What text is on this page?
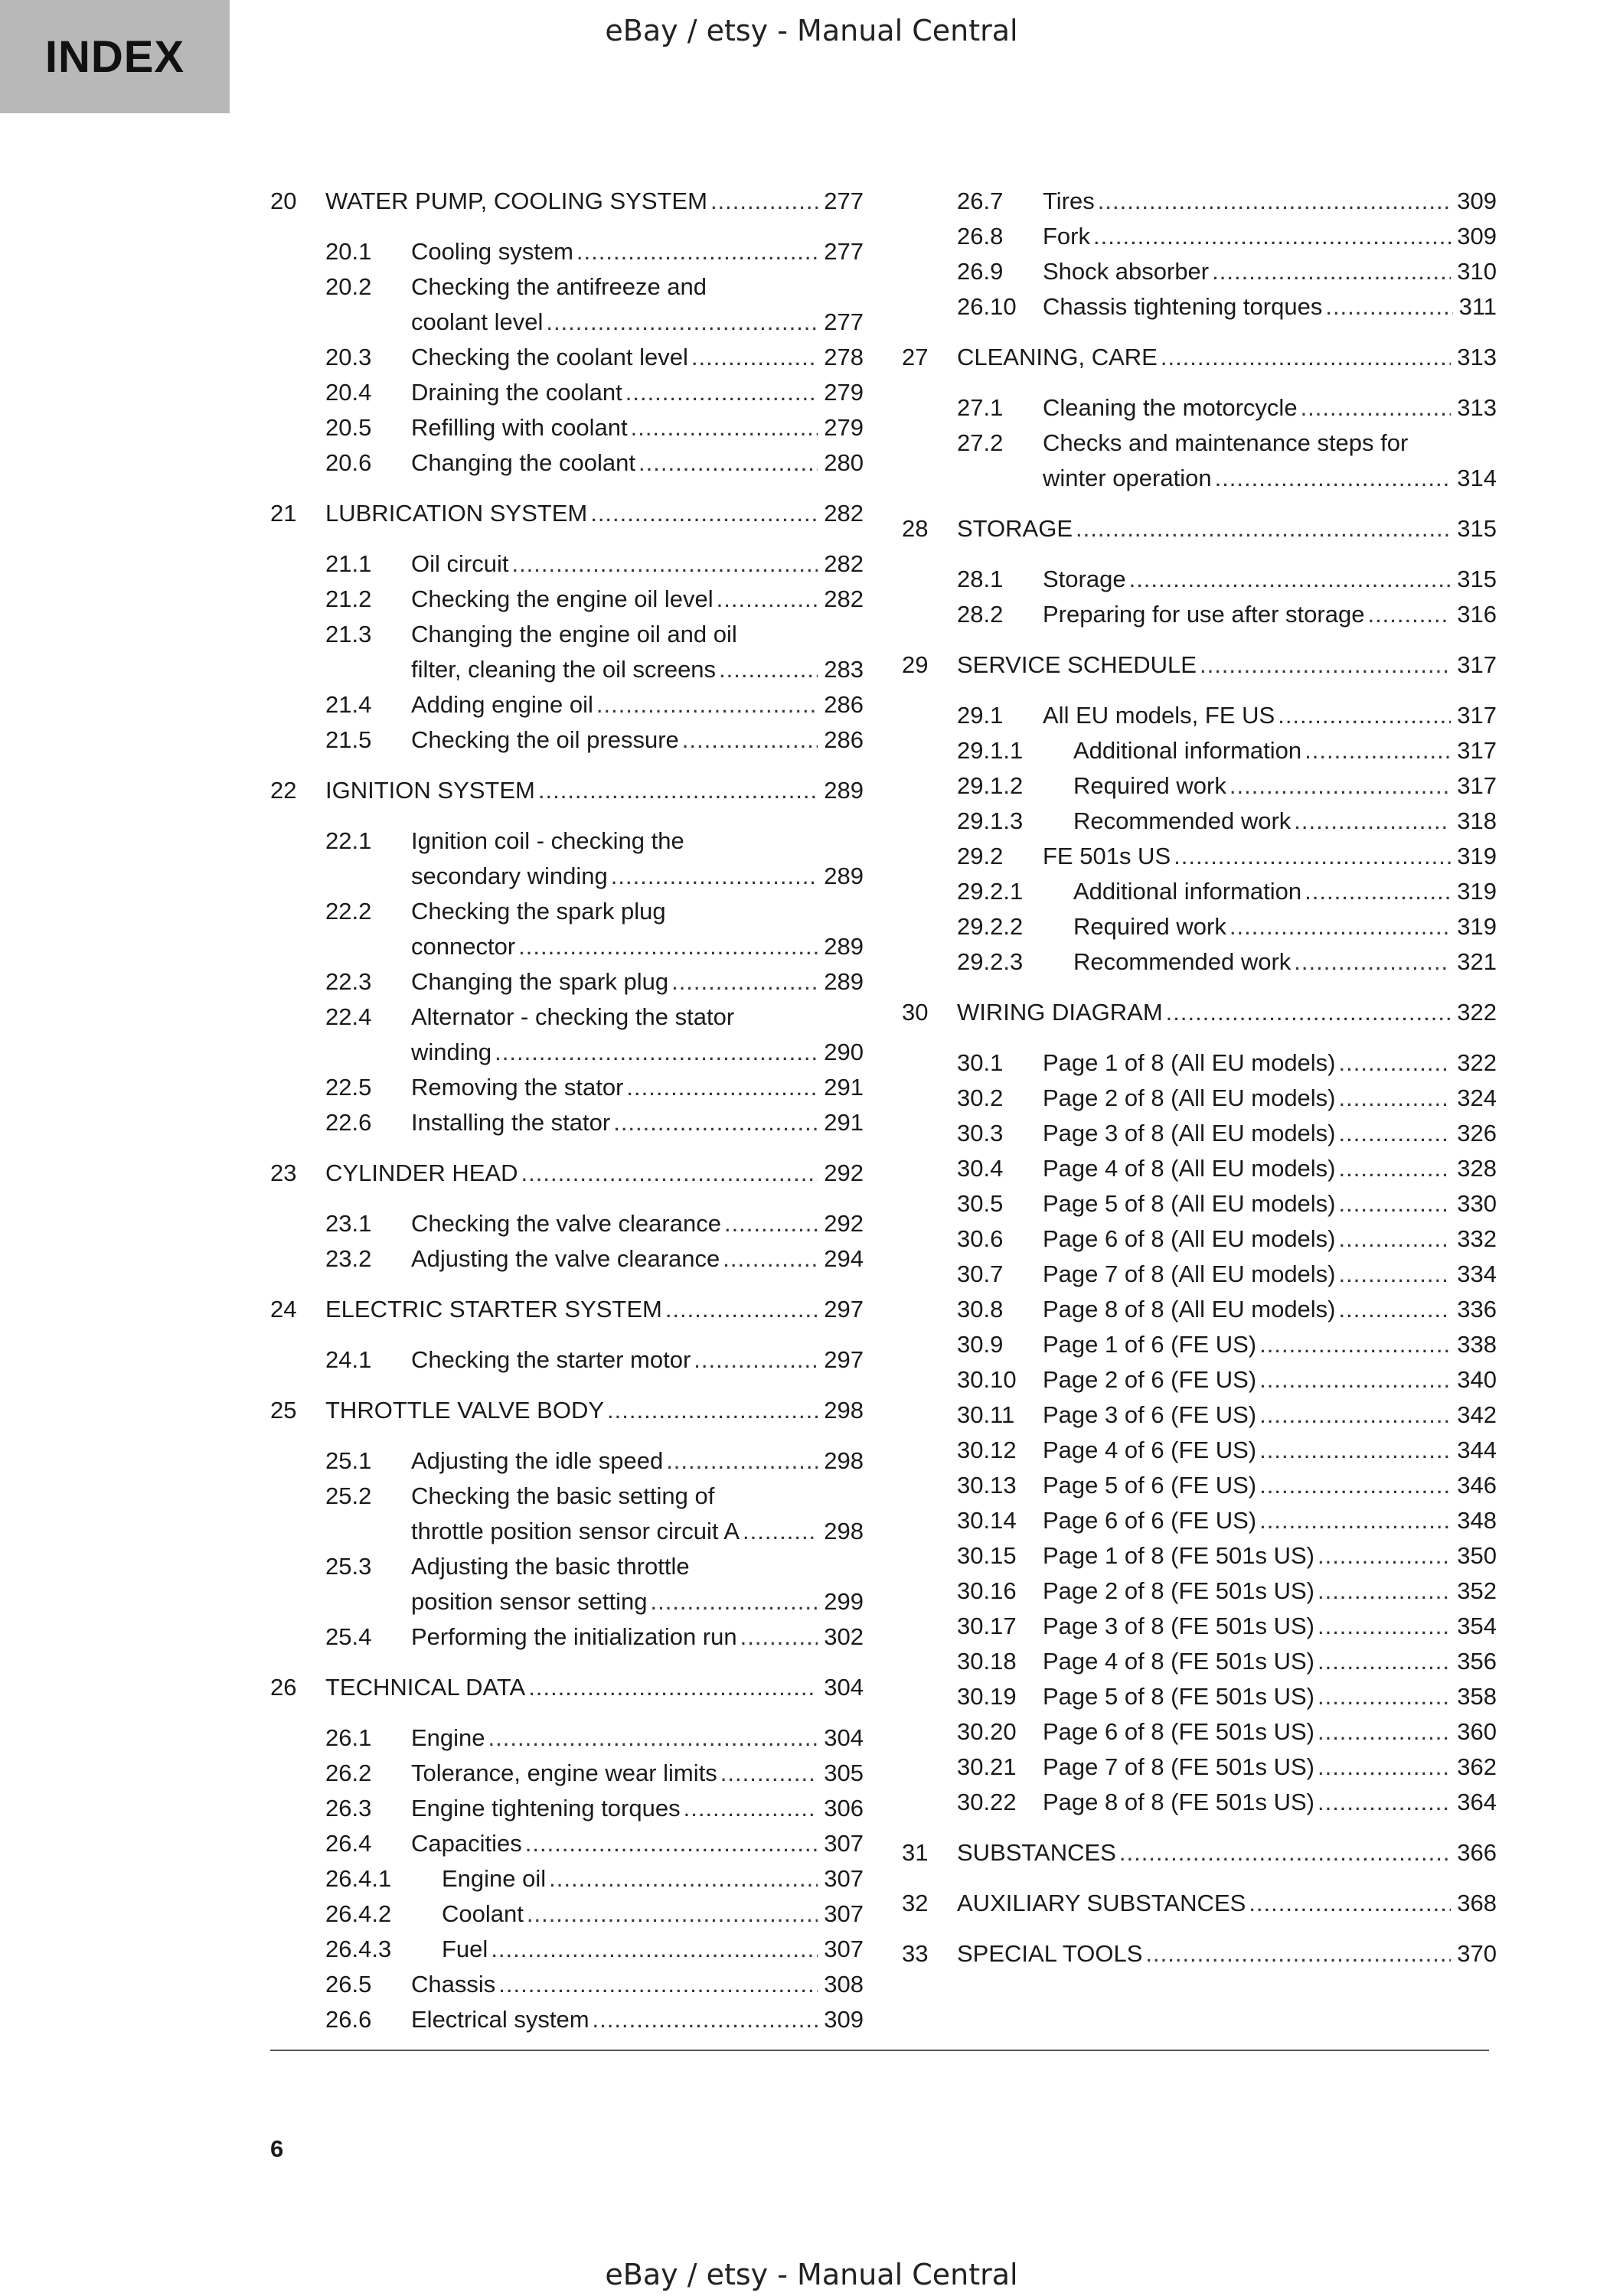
INDEX
eBay / etsy - Manual Central
20	WATER PUMP, COOLING SYSTEM .....	277
20.1	Cooling system .....	277
20.2	Checking the antifreeze and
coolant level .....	277
20.3	Checking the coolant level .....	278
20.4	Draining the coolant .....	279
20.5	Refilling with coolant .....	279
20.6	Changing the coolant .....	280
21	LUBRICATION SYSTEM .....	282
21.1	Oil circuit .....	282
21.2	Checking the engine oil level .....	282
21.3	Changing the engine oil and oil
filter, cleaning the oil screens .....	283
21.4	Adding engine oil .....	286
21.5	Checking the oil pressure .....	286
22	IGNITION SYSTEM .....	289
22.1	Ignition coil - checking the
secondary winding .....	289
22.2	Checking the spark plug
connector .....	289
22.3	Changing the spark plug .....	289
22.4	Alternator - checking the stator
winding .....	290
22.5	Removing the stator .....	291
22.6	Installing the stator .....	291
23	CYLINDER HEAD .....	292
23.1	Checking the valve clearance .....	292
23.2	Adjusting the valve clearance .....	294
24	ELECTRIC STARTER SYSTEM .....	297
24.1	Checking the starter motor .....	297
25	THROTTLE VALVE BODY .....	298
25.1	Adjusting the idle speed .....	298
25.2	Checking the basic setting of
throttle position sensor circuit A .....	298
25.3	Adjusting the basic throttle
position sensor setting .....	299
25.4	Performing the initialization run .....	302
26	TECHNICAL DATA .....	304
26.1	Engine .....	304
26.2	Tolerance, engine wear limits .....	305
26.3	Engine tightening torques .....	306
26.4	Capacities .....	307
26.4.1	Engine oil .....	307
26.4.2	Coolant .....	307
26.4.3	Fuel .....	307
26.5	Chassis .....	308
26.6	Electrical system .....	309
26.7	Tires .....	309
26.8	Fork .....	309
26.9	Shock absorber .....	310
26.10	Chassis tightening torques .....	311
27	CLEANING, CARE .....	313
27.1	Cleaning the motorcycle .....	313
27.2	Checks and maintenance steps for
winter operation .....	314
28	STORAGE .....	315
28.1	Storage .....	315
28.2	Preparing for use after storage .....	316
29	SERVICE SCHEDULE .....	317
29.1	All EU models, FE US .....	317
29.1.1	Additional information .....	317
29.1.2	Required work .....	317
29.1.3	Recommended work .....	318
29.2	FE 501s US .....	319
29.2.1	Additional information .....	319
29.2.2	Required work .....	319
29.2.3	Recommended work .....	321
30	WIRING DIAGRAM .....	322
30.1	Page 1 of 8 (All EU models) .....	322
30.2	Page 2 of 8 (All EU models) .....	324
30.3	Page 3 of 8 (All EU models) .....	326
30.4	Page 4 of 8 (All EU models) .....	328
30.5	Page 5 of 8 (All EU models) .....	330
30.6	Page 6 of 8 (All EU models) .....	332
30.7	Page 7 of 8 (All EU models) .....	334
30.8	Page 8 of 8 (All EU models) .....	336
30.9	Page 1 of 6 (FE US) .....	338
30.10	Page 2 of 6 (FE US) .....	340
30.11	Page 3 of 6 (FE US) .....	342
30.12	Page 4 of 6 (FE US) .....	344
30.13	Page 5 of 6 (FE US) .....	346
30.14	Page 6 of 6 (FE US) .....	348
30.15	Page 1 of 8 (FE 501s US) .....	350
30.16	Page 2 of 8 (FE 501s US) .....	352
30.17	Page 3 of 8 (FE 501s US) .....	354
30.18	Page 4 of 8 (FE 501s US) .....	356
30.19	Page 5 of 8 (FE 501s US) .....	358
30.20	Page 6 of 8 (FE 501s US) .....	360
30.21	Page 7 of 8 (FE 501s US) .....	362
30.22	Page 8 of 8 (FE 501s US) .....	364
31	SUBSTANCES .....	366
32	AUXILIARY SUBSTANCES .....	368
33	SPECIAL TOOLS .....	370
6
eBay / etsy - Manual Central
